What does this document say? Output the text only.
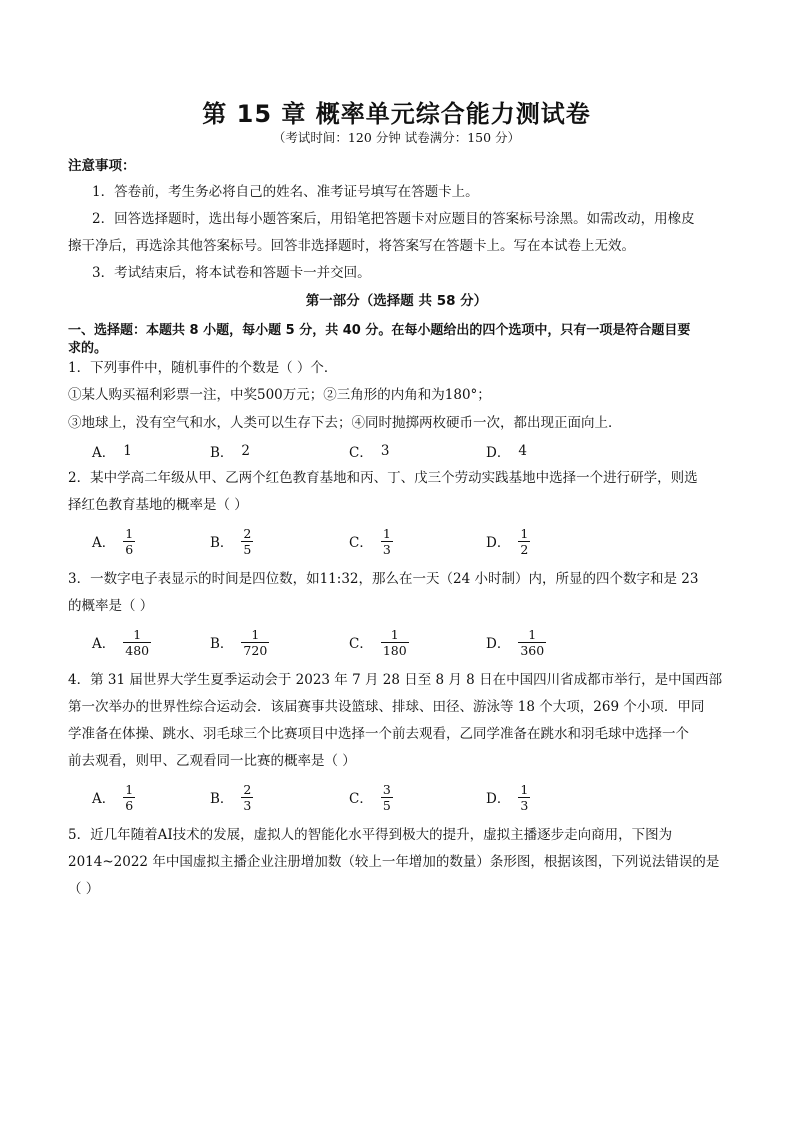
第 15 章 概率单元综合能力测试卷
（考试时间：120 分钟 试卷满分：150 分）
注意事项：
1．答卷前，考生务必将自己的姓名、准考证号填写在答题卡上。
2．回答选择题时，选出每小题答案后，用铅笔把答题卡对应题目的答案标号涂黑。如需改动，用橡皮
擦干净后，再选涂其他答案标号。回答非选择题时，将答案写在答题卡上。写在本试卷上无效。
3．考试结束后，将本试卷和答题卡一并交回。
第一部分（选择题 共 58 分）
一、选择题：本题共 8 小题，每小题 5 分，共 40 分。在每小题给出的四个选项中，只有一项是符合题目要
求的。
1．下列事件中，随机事件的个数是（ ）个．
①某人购买福利彩票一注，中奖500万元；②三角形的内角和为180°；
③地球上，没有空气和水，人类可以生存下去；④同时抛掷两枚硬币一次，都出现正面向上．
A． 1	B． 2	C． 3	D． 4
2．某中学高二年级从甲、乙两个红色教育基地和丙、丁、戊三个劳动实践基地中选择一个进行研学，则选
择红色教育基地的概率是（ ）
A． $\frac{1}{6}$	B． $\frac{2}{5}$	C． $\frac{1}{3}$	D． $\frac{1}{2}$
3．一数字电子表显示的时间是四位数，如11:32，那么在一天（24 小时制）内，所显的四个数字和是 23
的概率是（ ）
A． $\frac{1}{480}$	B． $\frac{1}{720}$	C． $\frac{1}{180}$	D． $\frac{1}{360}$
4．第 31 届世界大学生夏季运动会于 2023 年 7 月 28 日至 8 月 8 日在中国四川省成都市举行，是中国西部
第一次举办的世界性综合运动会．该届赛事共设篮球、排球、田径、游泳等 18 个大项，269 个小项．甲同
学准备在体操、跳水、羽毛球三个比赛项目中选择一个前去观看，乙同学准备在跳水和羽毛球中选择一个
前去观看，则甲、乙观看同一比赛的概率是（ ）
A． $\frac{1}{6}$	B． $\frac{2}{3}$	C． $\frac{3}{5}$	D． $\frac{1}{3}$
5．近几年随着AI技术的发展，虚拟人的智能化水平得到极大的提升，虚拟主播逐步走向商用，下图为
2014~2022 年中国虚拟主播企业注册增加数（较上一年增加的数量）条形图，根据该图，下列说法错误的是
（ ）
